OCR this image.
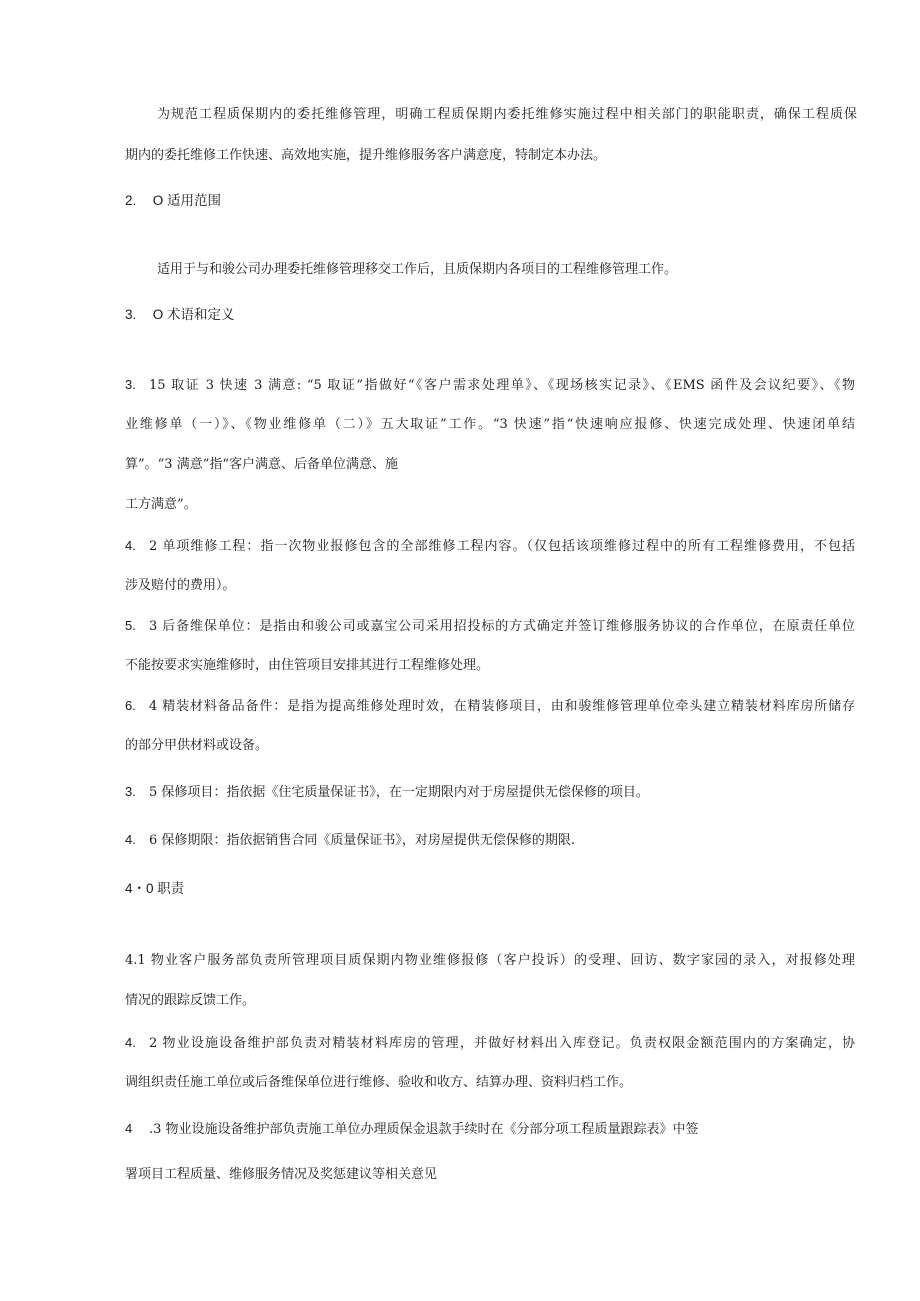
为规范工程质保期内的委托维修管理，明确工程质保期内委托维修实施过程中相关部门的职能职责，确保工程质保
期内的委托维修工作快速、高效地实施，提升维修服务客户满意度，特制定本办法。
2. O 适用范围
适用于与和骏公司办理委托维修管理移交工作后，且质保期内各项目的工程维修管理工作。
3. O 术语和定义
3. 15 取证 3 快速 3 满意: “5 取证”指做好“《客户需求处理单》、《现场核实记录》、《EMS 函件及会议纪要》、《物
业维修单（一）》、《物业维修单（二）》五大取证”工作。“3 快速”指“快速响应报修、快速完成处理、快速闭单结
算”。“3 满意”指“客户满意、后备单位满意、施
工方满意”。
4. 2 单项维修工程：指一次物业报修包含的全部维修工程内容。（仅包括该项维修过程中的所有工程维修费用，不包括
涉及赔付的费用）。
5. 3 后备维保单位：是指由和骏公司或嘉宝公司采用招投标的方式确定并签订维修服务协议的合作单位，在原责任单位
不能按要求实施维修时，由住管项目安排其进行工程维修处理。
6. 4 精装材料备品备件：是指为提高维修处理时效，在精装修项目，由和骏维修管理单位牵头建立精装材料库房所储存
的部分甲供材料或设备。
3. 5 保修项目：指依据《住宅质量保证书》，在一定期限内对于房屋提供无偿保修的项目。
4. 6 保修期限：指依据销售合同《质量保证书》，对房屋提供无偿保修的期限.
4・0 职责
4.1 物业客户服务部负责所管理项目质保期内物业维修报修（客户投诉）的受理、回访、数字家园的录入，对报修处理
情况的跟踪反馈工作。
4. 2 物业设施设备维护部负责对精装材料库房的管理，并做好材料出入库登记。负责权限金额范围内的方案确定，协
调组织责任施工单位或后备维保单位进行维修、验收和收方、结算办理、资料归档工作。
4 .3 物业设施设备维护部负责施工单位办理质保金退款手续时在《分部分项工程质量跟踪表》中签
署项目工程质量、维修服务情况及奖惩建议等相关意见
